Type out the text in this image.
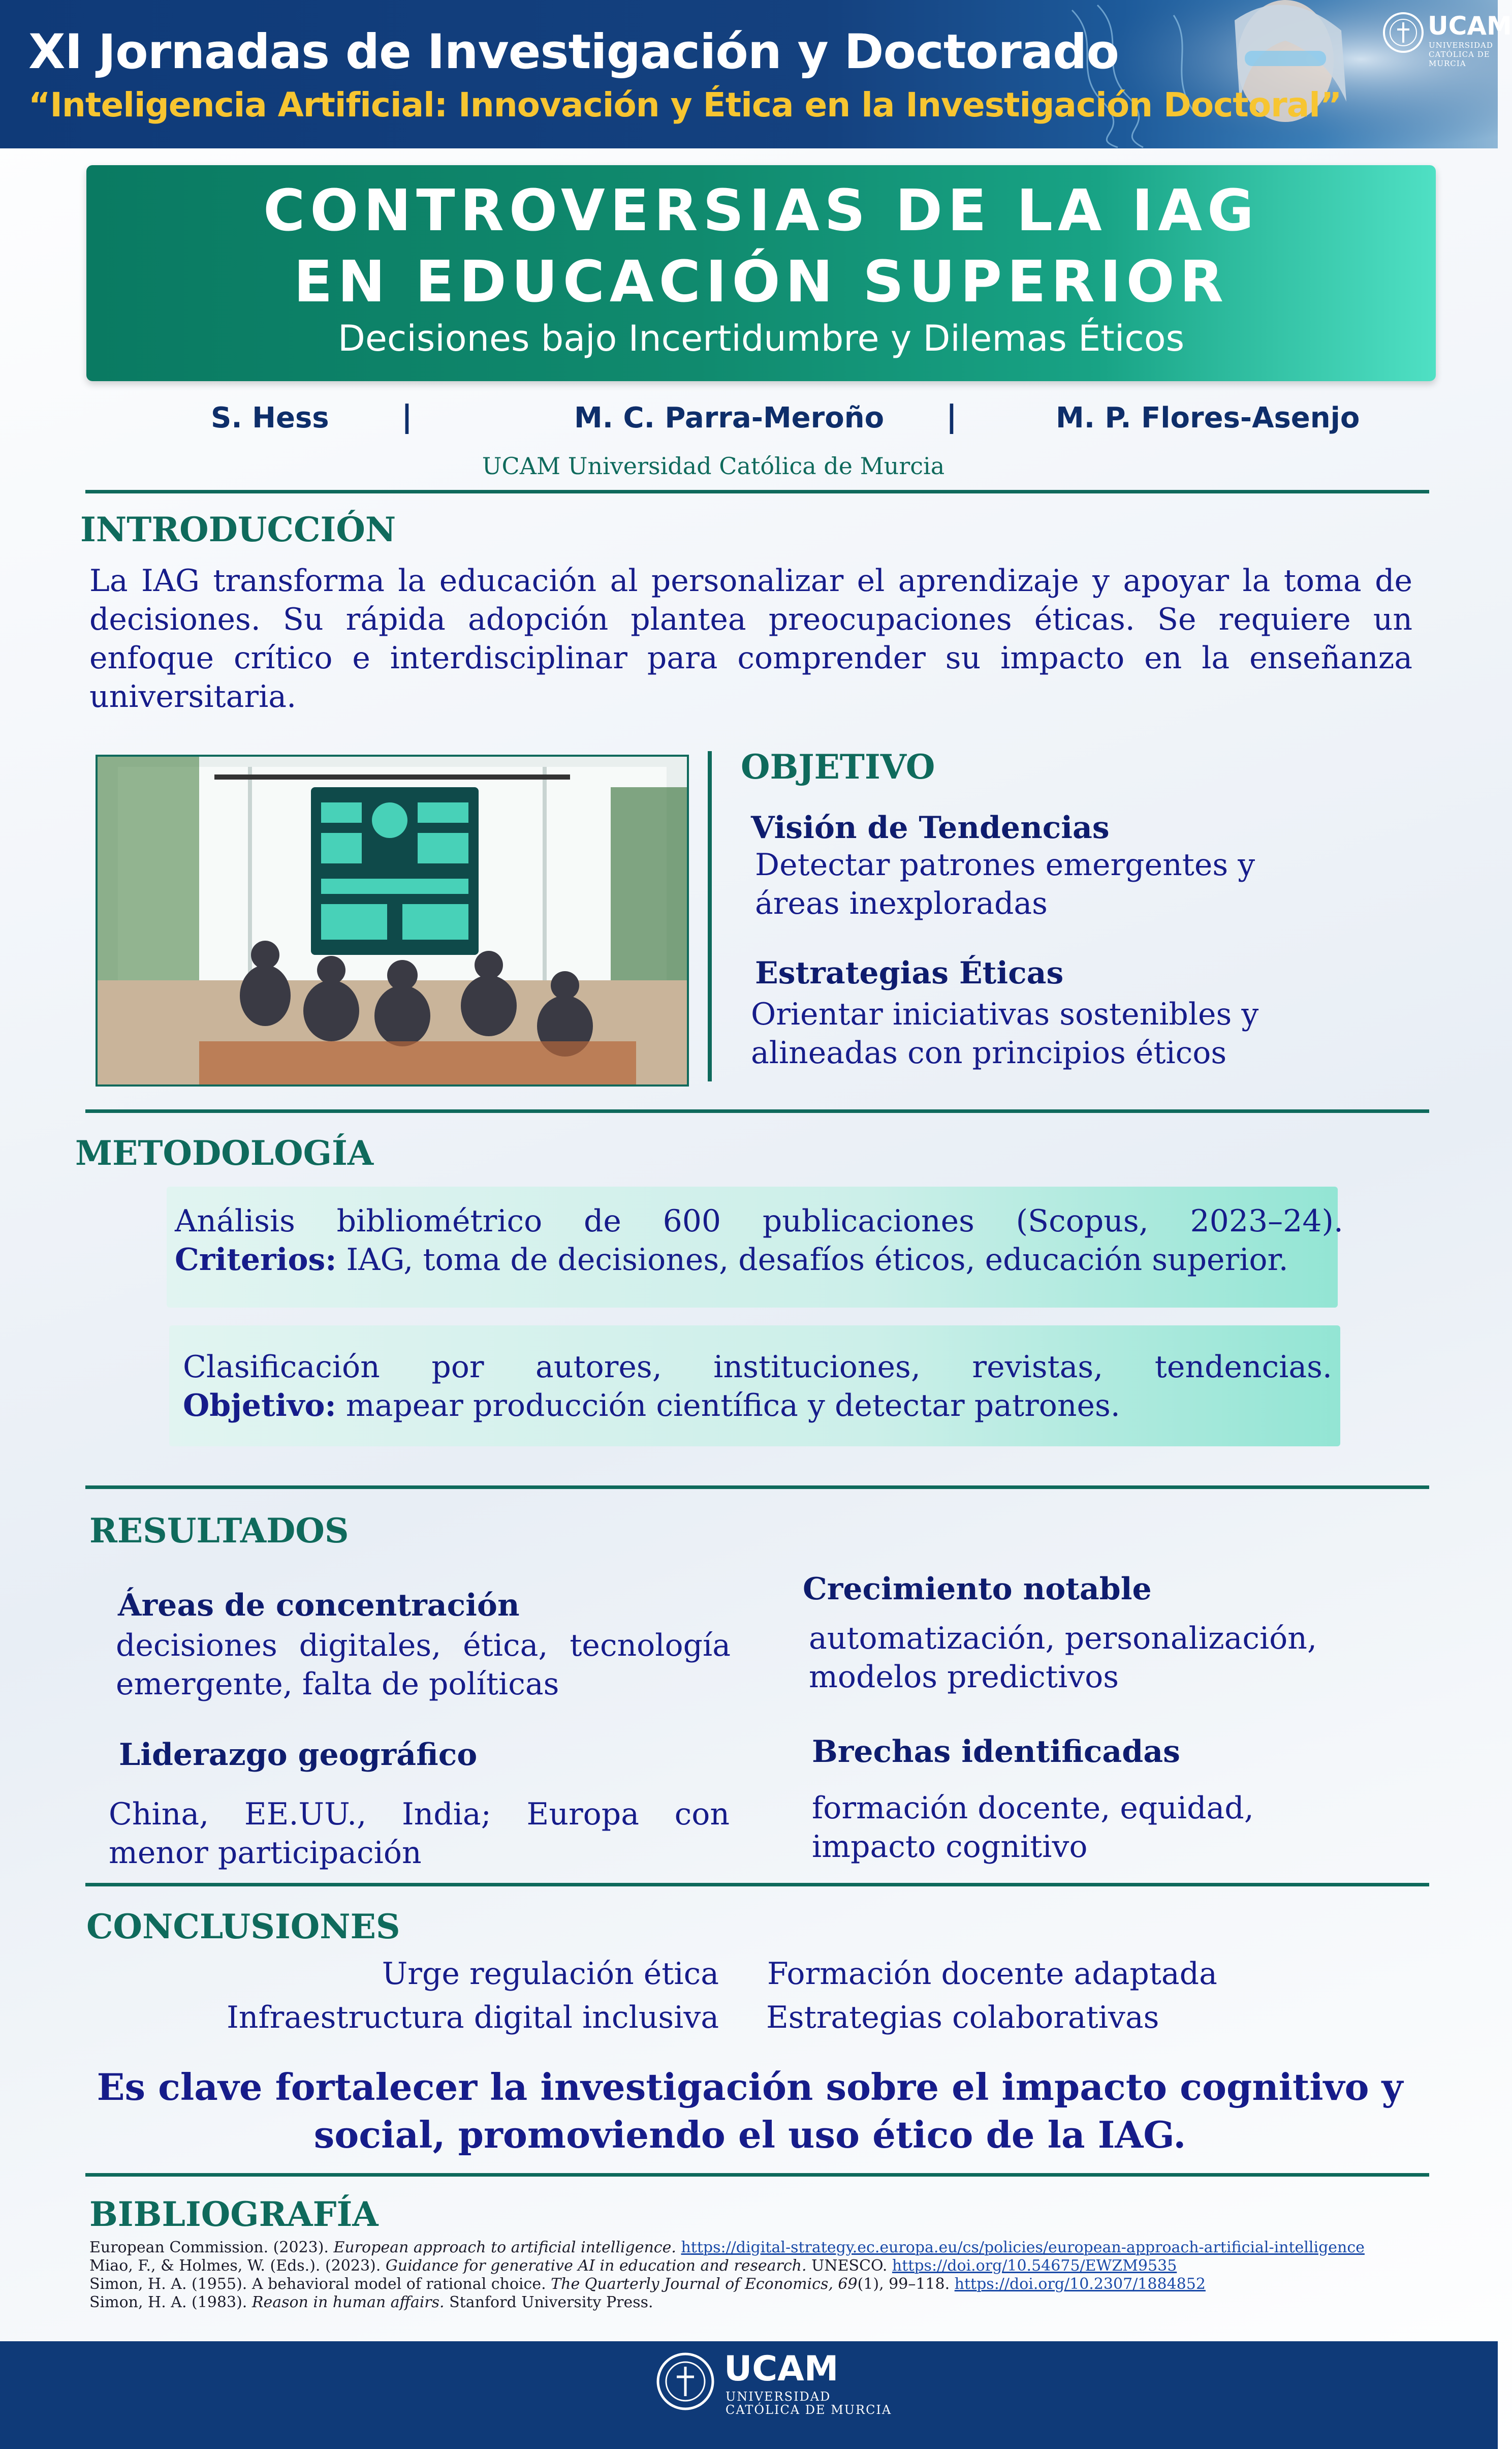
XI Jornadas de Investigación y Doctorado
“Inteligencia Artificial: Innovación y Ética en la Investigación Doctoral”
UCAM
UNIVERSIDAD
CATÓLICA DE MURCIA
CONTROVERSIAS DE LA IAG
EN EDUCACIÓN SUPERIOR
Decisiones bajo Incertidumbre y Dilemas Éticos
S. Hess |	M. C. Parra-Meroño |	M. P. Flores-Asenjo
UCAM Universidad Católica de Murcia
INTRODUCCIÓN

La IAG transforma la educación al personalizar el aprendizaje y apoyar la toma de

decisiones. Su rápida adopción plantea preocupaciones éticas. Se requiere un

enfoque crítico e interdisciplinar para comprender su impacto en la enseñanza

universitaria.

OBJETIVO
Visión de Tendencias
Detectar patrones emergentes y
áreas inexploradas
Estrategias Éticas
Orientar iniciativas sostenibles y
alineadas con principios éticos
METODOLOGÍA
Análisis bibliométrico de 600 publicaciones (Scopus, 2023–24).
Criterios: IAG, toma de decisiones, desafíos éticos, educación superior.
Clasificación por autores, instituciones, revistas, tendencias.
Objetivo: mapear producción científica y detectar patrones.
RESULTADOS
Áreas de concentración
decisiones digitales, ética, tecnología
emergente, falta de políticas
Crecimiento notable
automatización, personalización,
modelos predictivos
Liderazgo geográfico
China, EE.UU., India; Europa con
menor participación
Brechas identificadas
formación docente, equidad,
impacto cognitivo
CONCLUSIONES
Urge regulación ética Formación docente adaptada
Infraestructura digital inclusiva Estrategias colaborativas
Es clave fortalecer la investigación sobre el impacto cognitivo y
social, promoviendo el uso ético de la IAG.
BIBLIOGRAFÍA
European Commission. (2023). European approach to artificial intelligence. https://digital-strategy.ec.europa.eu/cs/policies/european-approach-artificial-intelligence
Miao, F., & Holmes, W. (Eds.). (2023). Guidance for generative AI in education and research. UNESCO. https://doi.org/10.54675/EWZM9535
Simon, H. A. (1955). A behavioral model of rational choice. The Quarterly Journal of Economics, 69(1), 99–118. https://doi.org/10.2307/1884852
Simon, H. A. (1983). Reason in human affairs. Stanford University Press.
UCAM
UNIVERSIDAD
CATÓLICA DE MURCIA
